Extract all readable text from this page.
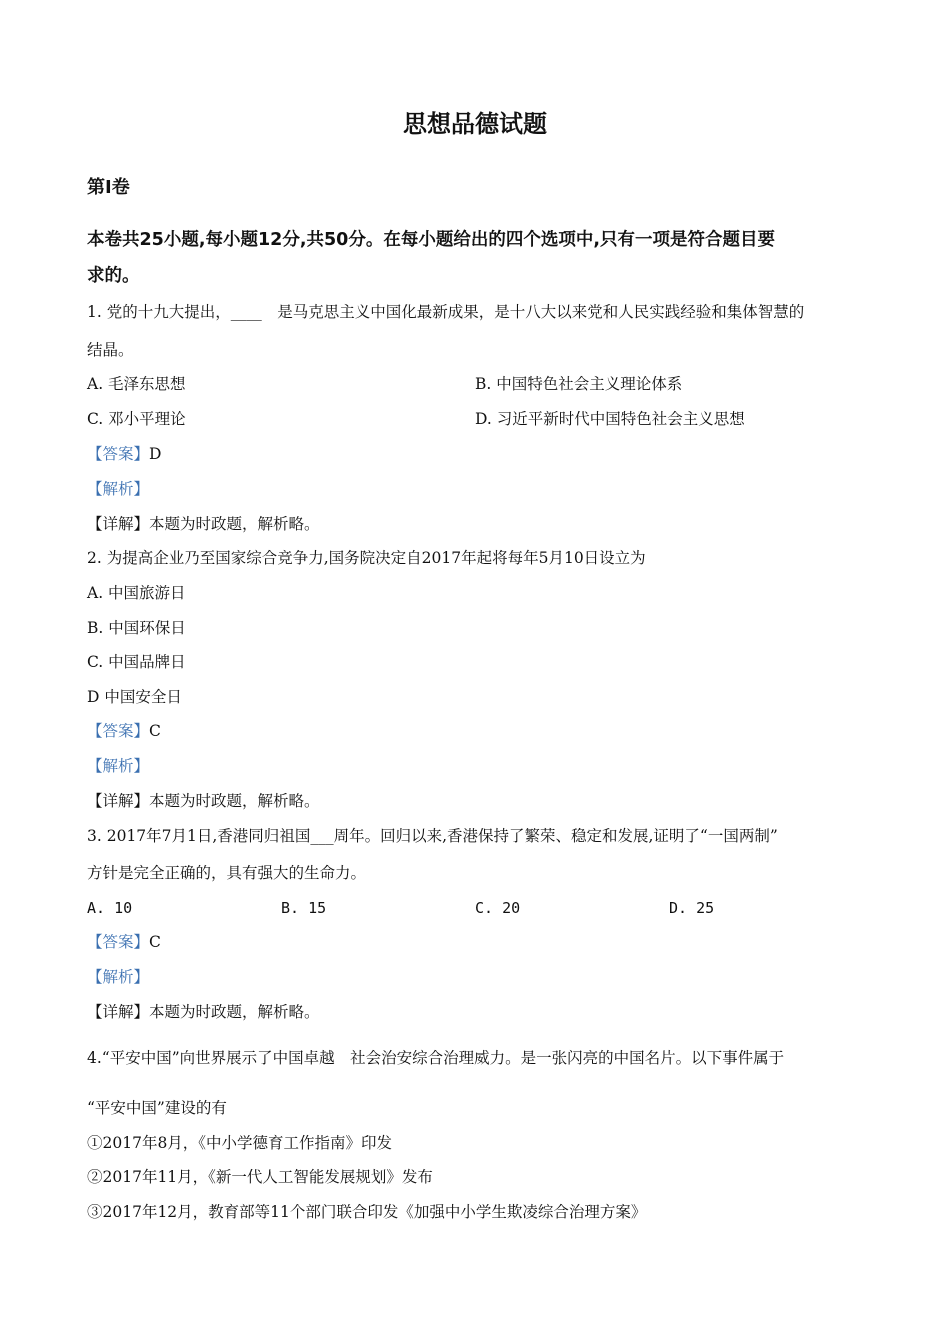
思想品德试题
第Ⅰ卷
本卷共25小题,每小题12分,共50分。在每小题给出的四个选项中,只有一项是符合题目要
求的。
1. 党的十九大提出，____　是马克思主义中国化最新成果，是十八大以来党和人民实践经验和集体智慧的
结晶。
A. 毛泽东思想	B. 中国特色社会主义理论体系
C. 邓小平理论	D. 习近平新时代中国特色社会主义思想
【答案】D
【解析】
【详解】本题为时政题，解析略。
2. 为提高企业乃至国家综合竞争力,国务院决定自2017年起将每年5月10日设立为
A. 中国旅游日
B. 中国环保日
C. 中国品牌日
D 中国安全日
【答案】C
【解析】
【详解】本题为时政题，解析略。
3. 2017年7月1日,香港同归祖国___周年。回归以来,香港保持了繁荣、稳定和发展,证明了“一国两制”
方针是完全正确的，具有强大的生命力。
A. 10	B. 15	C. 20	D. 25
【答案】C
【解析】
【详解】本题为时政题，解析略。
4.“平安中国”向世界展示了中国卓越　社会治安综合治理威力。是一张闪亮的中国名片。以下事件属于
“平安中国”建设的有
①2017年8月，《中小学德育工作指南》印发
②2017年11月，《新一代人工智能发展规划》发布
③2017年12月，教育部等11个部门联合印发《加强中小学生欺凌综合治理方案》
